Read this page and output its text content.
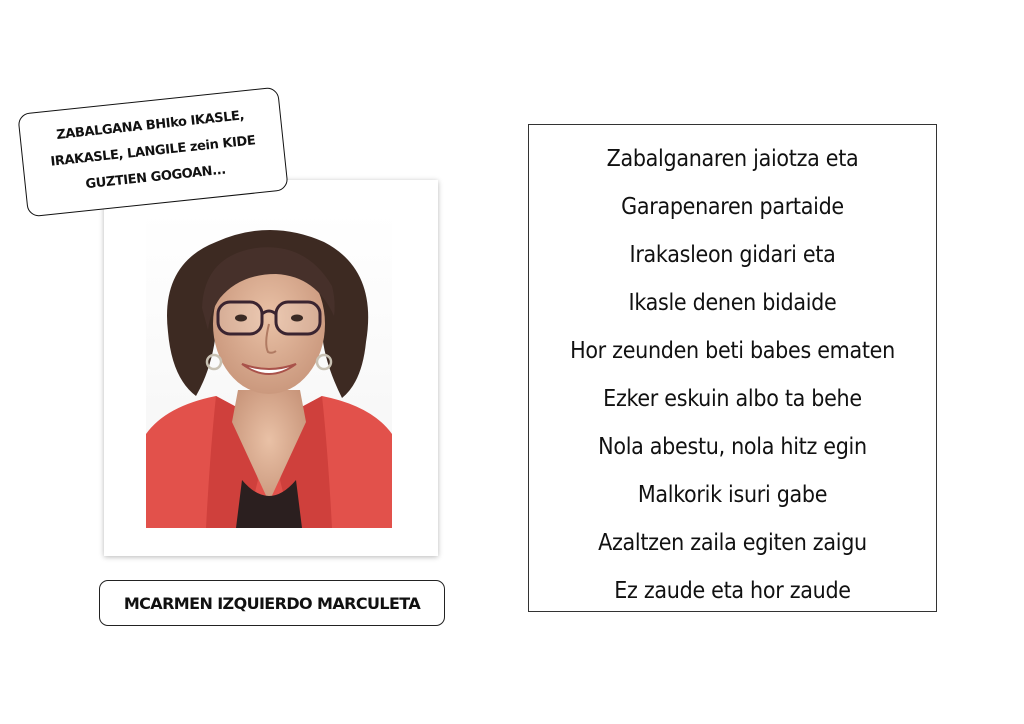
ZABALGANA BHIko IKASLE,
IRAKASLE, LANGILE zein KIDE
GUZTIEN GOGOAN...
MCARMEN IZQUIERDO MARCULETA
Zabalganaren jaiotza eta
Garapenaren partaide
Irakasleon gidari eta
Ikasle denen bidaide
Hor zeunden beti babes ematen
Ezker eskuin albo ta behe
Nola abestu, nola hitz egin
Malkorik isuri gabe
Azaltzen zaila egiten zaigu
Ez zaude eta hor zaude
